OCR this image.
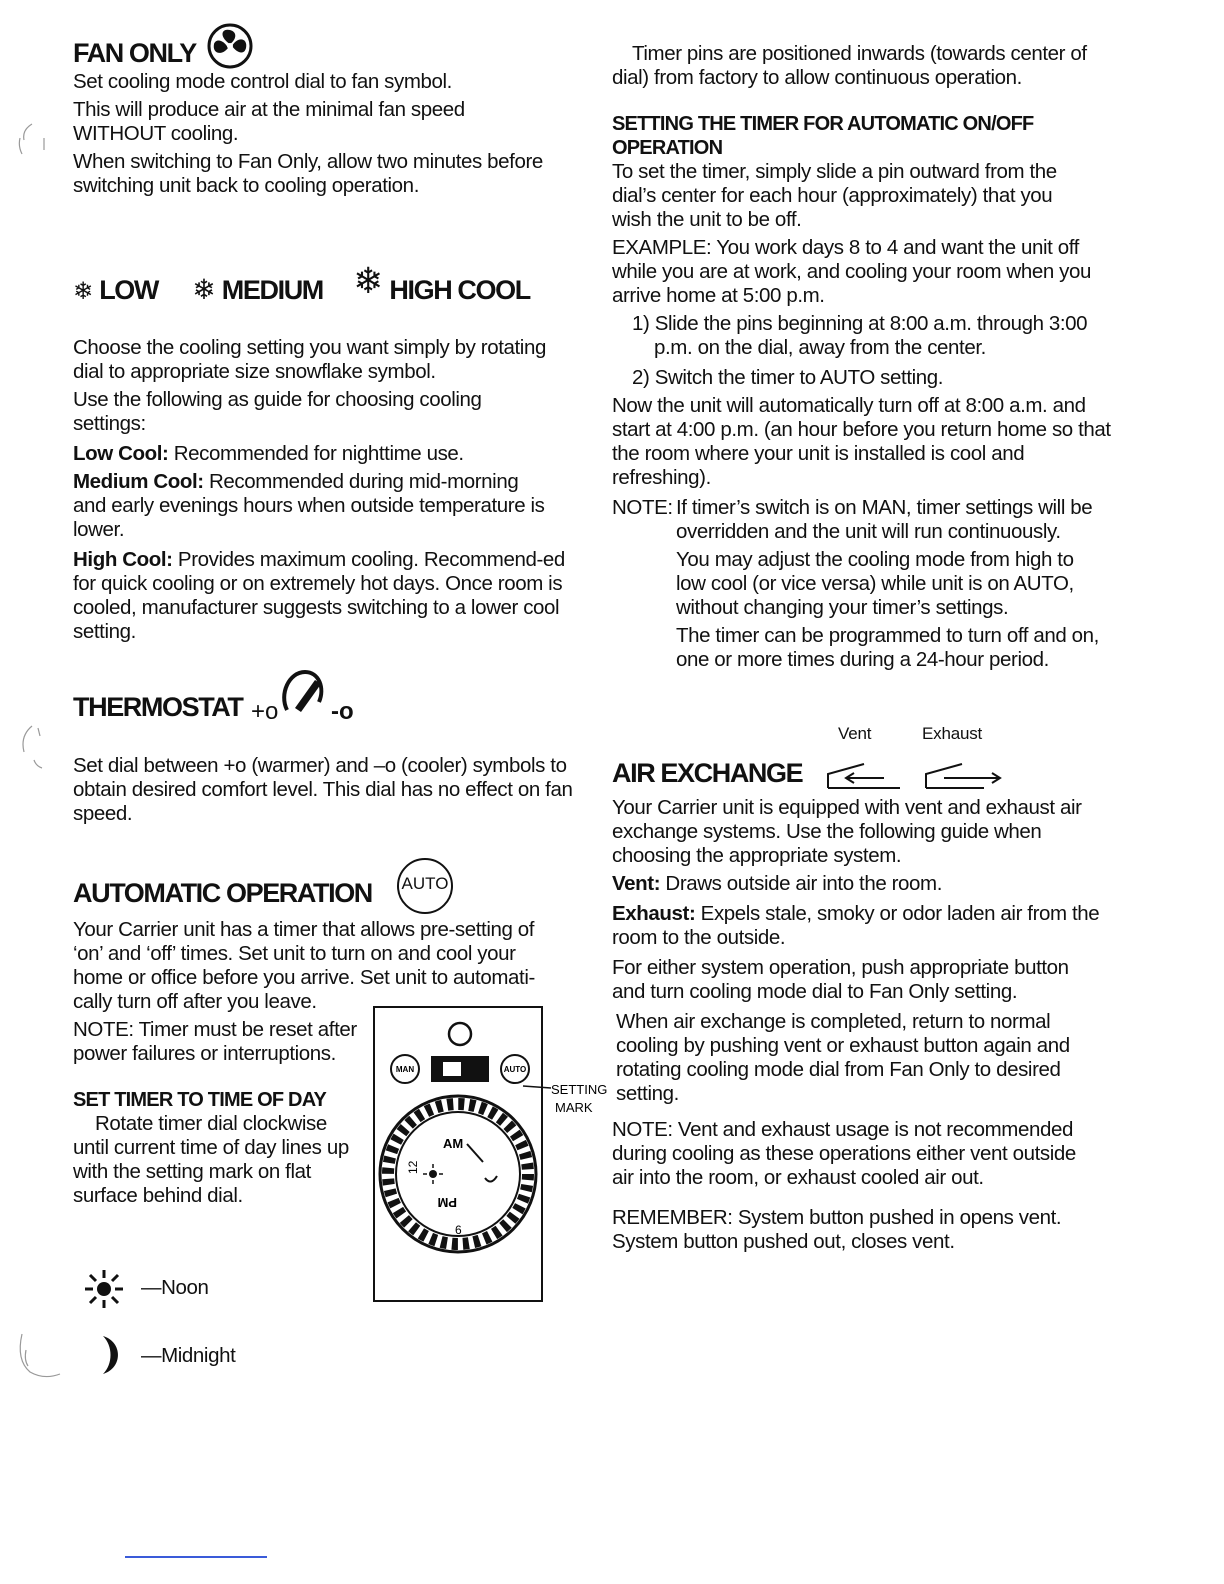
FAN ONLY

Set cooling mode control dial to fan symbol.

This will produce air at the minimal fan speed

WITHOUT cooling.

When switching to Fan Only, allow two minutes before switching unit back to cooling operation.

❄ LOW ❄ MEDIUM ❄ HIGH COOL

Choose the cooling setting you want simply by rotating dial to appropriate size snowflake symbol.

Use the following as guide for choosing cooling settings:

Low Cool: Recommended for nighttime use.

Medium Cool: Recommended during mid-morning and early evenings hours when outside temperature is lower.

High Cool: Provides maximum cooling. Recommend-ed for quick cooling or on extremely hot days. Once room is cooled, manufacturer suggests switching to a lower cool setting.

THERMOSTAT +o -o

Set dial between +o (warmer) and –o (cooler) symbols to obtain desired comfort level. This dial has no effect on fan speed.

AUTOMATIC OPERATION AUTO

Your Carrier unit has a timer that allows pre-setting of ‘on’ and ‘off’ times. Set unit to turn on and cool your home or office before you arrive. Set unit to automati-cally turn off after you leave.

NOTE: Timer must be reset after power failures or interruptions.

SET TIMER TO TIME OF DAY

Rotate timer dial clockwise until current time of day lines up with the setting mark on flat surface behind dial.

—Noon

—Midnight

MAN	AUTO
SETTING
MARK
AM
PM
12
6

Timer pins are positioned inwards (towards center of dial) from factory to allow continuous operation.

SETTING THE TIMER FOR AUTOMATIC ON/OFF OPERATION

To set the timer, simply slide a pin outward from the dial’s center for each hour (approximately) that you wish the unit to be off.

EXAMPLE: You work days 8 to 4 and want the unit off while you are at work, and cooling your room when you arrive home at 5:00 p.m.

1) Slide the pins beginning at 8:00 a.m. through 3:00 p.m. on the dial, away from the center.

2) Switch the timer to AUTO setting.

Now the unit will automatically turn off at 8:00 a.m. and start at 4:00 p.m. (an hour before you return home so that the room where your unit is installed is cool and refreshing).

NOTE: If timer’s switch is on MAN, timer settings will be overridden and the unit will run continuously.

You may adjust the cooling mode from high to low cool (or vice versa) while unit is on AUTO, without changing your timer’s settings.

The timer can be programmed to turn off and on, one or more times during a 24-hour period.

Vent	Exhaust

AIR EXCHANGE

Your Carrier unit is equipped with vent and exhaust air exchange systems. Use the following guide when choosing the appropriate system.

Vent: Draws outside air into the room.

Exhaust: Expels stale, smoky or odor laden air from the room to the outside.

For either system operation, push appropriate button and turn cooling mode dial to Fan Only setting.

When air exchange is completed, return to normal cooling by pushing vent or exhaust button again and rotating cooling mode dial from Fan Only to desired setting.

NOTE: Vent and exhaust usage is not recommended during cooling as these operations either vent outside air into the room, or exhaust cooled air out.

REMEMBER: System button pushed in opens vent. System button pushed out, closes vent.
